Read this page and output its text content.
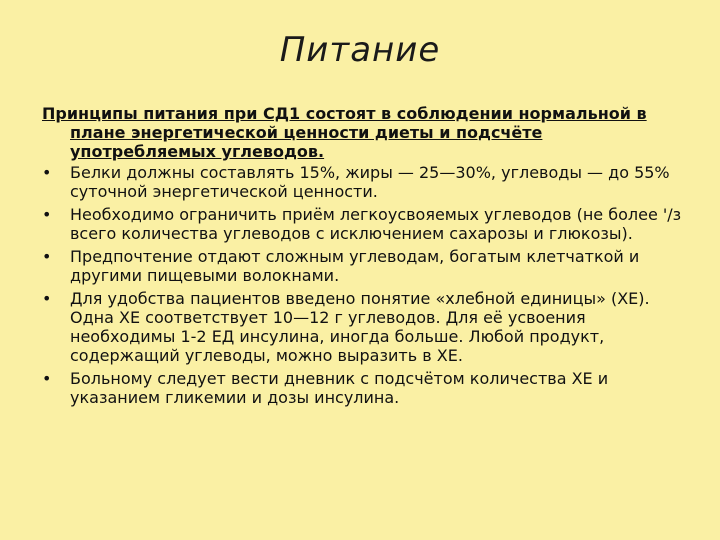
Питание

Принципы питания при СД1 состоят в соблюдении нормальной в плане энергетической ценности диеты и подсчёте употребляемых углеводов.

•	Белки должны составлять 15%, жиры — 25—30%, углеводы — до 55% суточной энергетической ценности.
•	Необходимо ограничить приём легкоусвояемых углеводов (не более '/з всего количества углеводов с исключением сахарозы и глюкозы).
•	Предпочтение отдают сложным углеводам, богатым клетчаткой и другими пищевыми волокнами.
•	Для удобства пациентов введено понятие «хлебной единицы» (ХЕ). Одна ХЕ соответствует 10—12 г углеводов. Для её усвоения необходимы 1-2 ЕД инсулина, иногда больше. Любой продукт, содержащий углеводы, можно выразить в ХЕ.
•	Больному следует вести дневник с подсчётом количества ХЕ и указанием гликемии и дозы инсулина.
